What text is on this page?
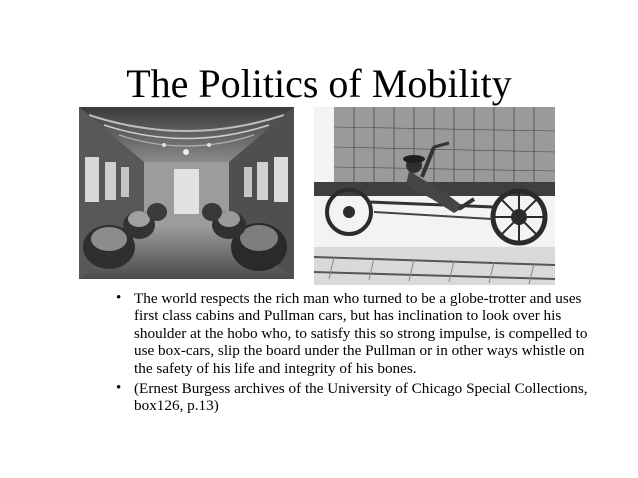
The Politics of Mobility
• The world respects the rich man who turned to be a globe-trotter and uses first class cabins and Pullman cars, but has inclination to look over his shoulder at the hobo who, to satisfy this so strong impulse, is compelled to use box-cars, slip the board under the Pullman or in other ways whistle on the safety of his life and integrity of his bones.
• (Ernest Burgess archives of the University of Chicago Special Collections, box126, p.13)
